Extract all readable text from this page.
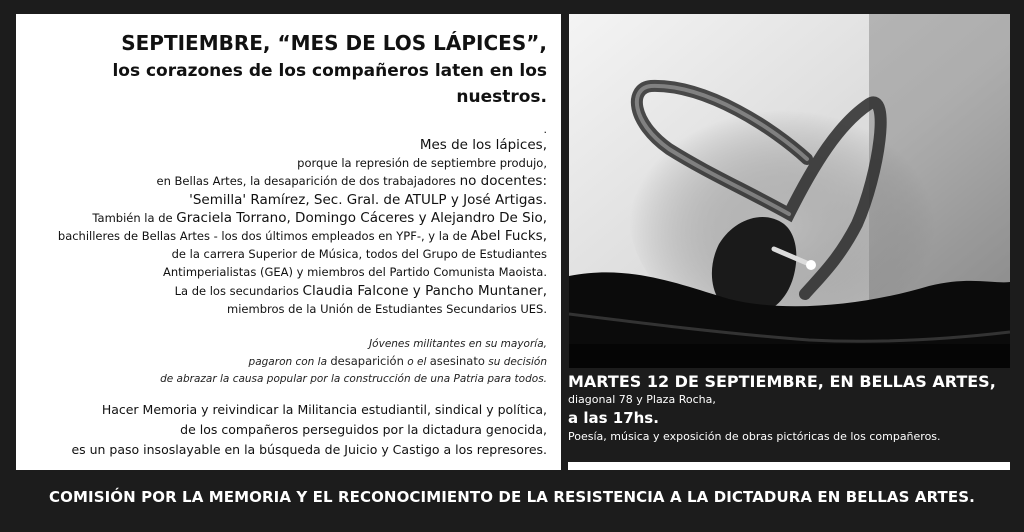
SEPTIEMBRE, “MES DE LOS LÁPICES”,
los corazones de los compañeros laten en los nuestros.
.
Mes de los lápices,
porque la represión de septiembre produjo,
en Bellas Artes, la desaparición de dos trabajadores no docentes:
'Semilla' Ramírez, Sec. Gral. de ATULP y José Artigas.
También la de Graciela Torrano, Domingo Cáceres y Alejandro De Sio,
bachilleres de Bellas Artes - los dos últimos empleados en YPF-, y la de Abel Fucks,
de la carrera Superior de Música, todos del Grupo de Estudiantes
Antimperialistas (GEA) y miembros del Partido Comunista Maoista.
La de los secundarios Claudia Falcone y Pancho Muntaner,
miembros de la Unión de Estudiantes Secundarios UES.
Jóvenes militantes en su mayoría,
pagaron con la desaparición o el asesinato su decisión
de abrazar la causa popular por la construcción de una Patria para todos.
Hacer Memoria y reivindicar la Militancia estudiantil, sindical y política,
de los compañeros perseguidos por la dictadura genocida,
es un paso insoslayable en la búsqueda de Juicio y Castigo a los represores.
MARTES 12 DE SEPTIEMBRE, EN BELLAS ARTES,
diagonal 78 y Plaza Rocha,
a las 17hs.
Poesía, música y exposición de obras pictóricas de los compañeros.
COMISIÓN POR LA MEMORIA Y EL RECONOCIMIENTO DE LA RESISTENCIA A LA DICTADURA EN BELLAS ARTES.
